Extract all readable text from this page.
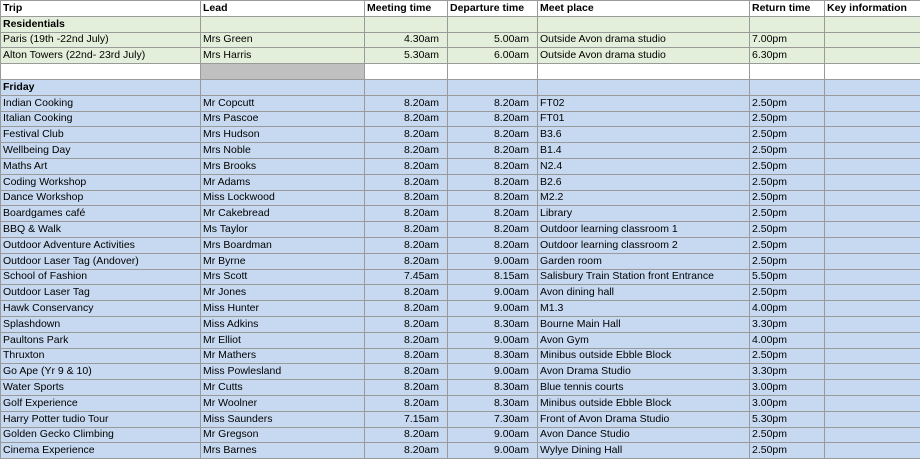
Trip	Lead	Meeting time	Departure time	Meet place	Return time	Key information
Residentials						
Paris (19th -22nd July)	Mrs Green	4.30am	5.00am	Outside Avon drama studio	7.00pm	
Alton Towers (22nd- 23rd July)	Mrs Harris	5.30am	6.00am	Outside Avon drama studio	6.30pm	

Friday						
Indian Cooking	Mr Copcutt	8.20am	8.20am	FT02	2.50pm	
Italian Cooking	Mrs Pascoe	8.20am	8.20am	FT01	2.50pm	
Festival Club	Mrs Hudson	8.20am	8.20am	B3.6	2.50pm	
Wellbeing Day	Mrs Noble	8.20am	8.20am	B1.4	2.50pm	
Maths Art	Mrs Brooks	8.20am	8.20am	N2.4	2.50pm	
Coding Workshop	Mr Adams	8.20am	8.20am	B2.6	2.50pm	
Dance Workshop	Miss Lockwood	8.20am	8.20am	M2.2	2.50pm	
Boardgames café	Mr Cakebread	8.20am	8.20am	Library	2.50pm	
BBQ & Walk	Ms Taylor	8.20am	8.20am	Outdoor learning classroom 1	2.50pm	
Outdoor Adventure Activities	Mrs Boardman	8.20am	8.20am	Outdoor learning classroom 2	2.50pm	
Outdoor Laser Tag (Andover)	Mr Byrne	8.20am	9.00am	Garden room	2.50pm	
School of Fashion	Mrs Scott	7.45am	8.15am	Salisbury Train Station front Entrance	5.50pm	
Outdoor Laser Tag	Mr Jones	8.20am	9.00am	Avon dining hall	2.50pm	
Hawk Conservancy	Miss Hunter	8.20am	9.00am	M1.3	4.00pm	
Splashdown	Miss Adkins	8.20am	8.30am	Bourne Main Hall	3.30pm	
Paultons Park	Mr Elliot	8.20am	9.00am	Avon Gym	4.00pm	
Thruxton	Mr Mathers	8.20am	8.30am	Minibus outside Ebble Block	2.50pm	
Go Ape (Yr 9 & 10)	Miss Powlesland	8.20am	9.00am	Avon Drama Studio	3.30pm	
Water Sports	Mr Cutts	8.20am	8.30am	Blue tennis courts	3.00pm	
Golf Experience	Mr Woolner	8.20am	8.30am	Minibus outside Ebble Block	3.00pm	
Harry Potter tudio Tour	Miss Saunders	7.15am	7.30am	Front of Avon Drama Studio	5.30pm	
Golden Gecko Climbing	Mr Gregson	8.20am	9.00am	Avon Dance Studio	2.50pm	
Cinema Experience	Mrs Barnes	8.20am	9.00am	Wylye Dining Hall	2.50pm	
